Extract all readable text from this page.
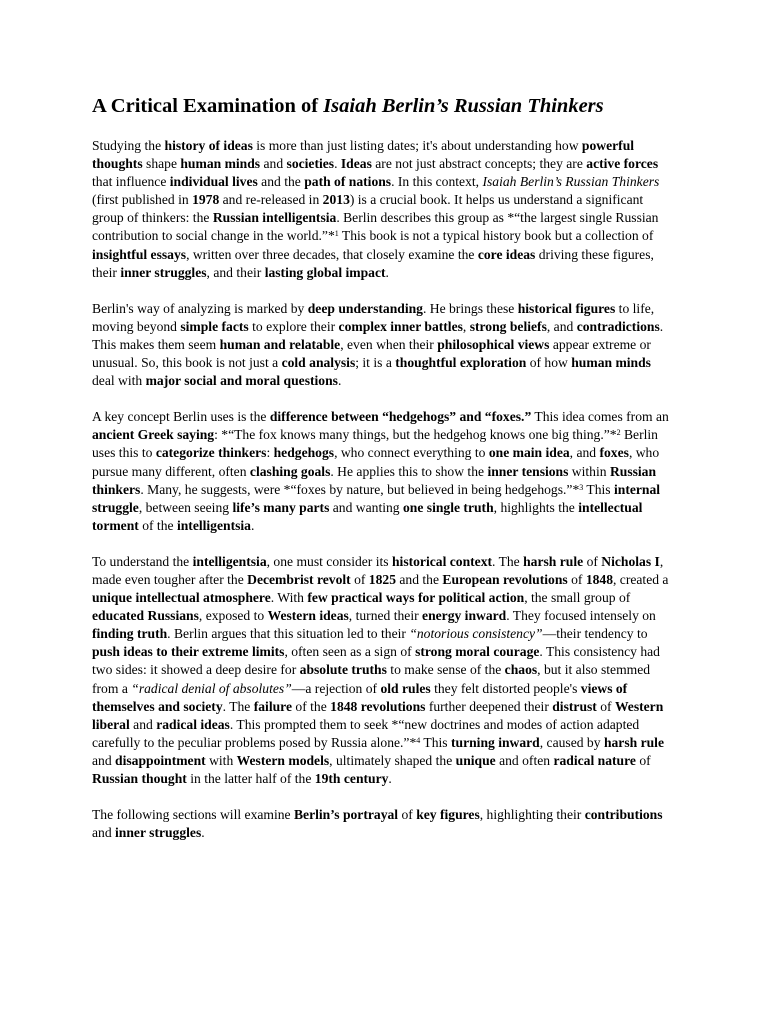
A Critical Examination of Isaiah Berlin’s Russian Thinkers

Studying the history of ideas is more than just listing dates; it's about understanding how powerful thoughts shape human minds and societies. Ideas are not just abstract concepts; they are active forces that influence individual lives and the path of nations. In this context, Isaiah Berlin’s Russian Thinkers (first published in 1978 and re-released in 2013) is a crucial book. It helps us understand a significant group of thinkers: the Russian intelligentsia. Berlin describes this group as *“the largest single Russian contribution to social change in the world.”*$^1$ This book is not a typical history book but a collection of insightful essays, written over three decades, that closely examine the core ideas driving these figures, their inner struggles, and their lasting global impact.

Berlin's way of analyzing is marked by deep understanding. He brings these historical figures to life, moving beyond simple facts to explore their complex inner battles, strong beliefs, and contradictions. This makes them seem human and relatable, even when their philosophical views appear extreme or unusual. So, this book is not just a cold analysis; it is a thoughtful exploration of how human minds deal with major social and moral questions.

A key concept Berlin uses is the difference between “hedgehogs” and “foxes.” This idea comes from an ancient Greek saying: *“The fox knows many things, but the hedgehog knows one big thing.”*$^2$ Berlin uses this to categorize thinkers: hedgehogs, who connect everything to one main idea, and foxes, who pursue many different, often clashing goals. He applies this to show the inner tensions within Russian thinkers. Many, he suggests, were *“foxes by nature, but believed in being hedgehogs.”*$^3$ This internal struggle, between seeing life’s many parts and wanting one single truth, highlights the intellectual torment of the intelligentsia.

To understand the intelligentsia, one must consider its historical context. The harsh rule of Nicholas I, made even tougher after the Decembrist revolt of 1825 and the European revolutions of 1848, created a unique intellectual atmosphere. With few practical ways for political action, the small group of educated Russians, exposed to Western ideas, turned their energy inward. They focused intensely on finding truth. Berlin argues that this situation led to their “notorious consistency”—their tendency to push ideas to their extreme limits, often seen as a sign of strong moral courage. This consistency had two sides: it showed a deep desire for absolute truths to make sense of the chaos, but it also stemmed from a “radical denial of absolutes”—a rejection of old rules they felt distorted people's views of themselves and society. The failure of the 1848 revolutions further deepened their distrust of Western liberal and radical ideas. This prompted them to seek *“new doctrines and modes of action adapted carefully to the peculiar problems posed by Russia alone.”*$^4$ This turning inward, caused by harsh rule and disappointment with Western models, ultimately shaped the unique and often radical nature of Russian thought in the latter half of the 19th century.

The following sections will examine Berlin’s portrayal of key figures, highlighting their contributions and inner struggles.
